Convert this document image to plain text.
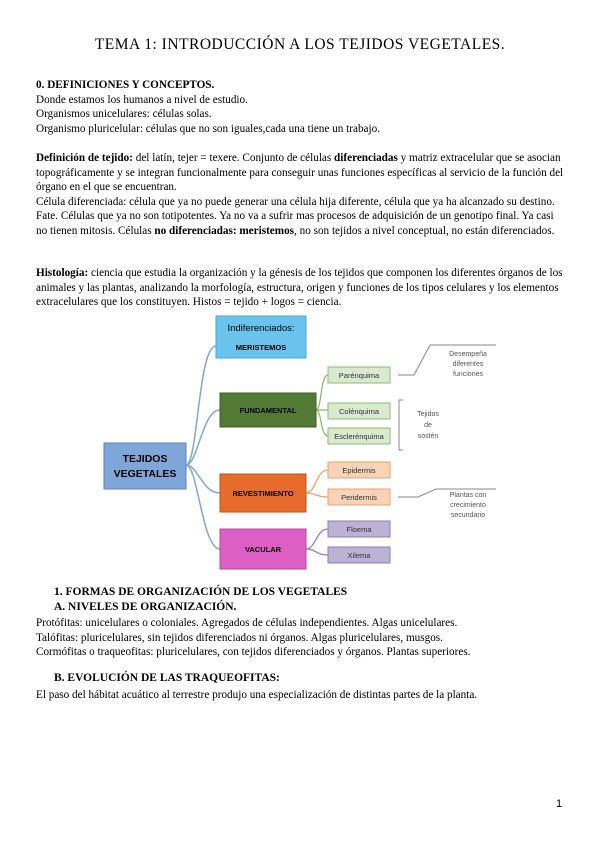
TEMA 1: INTRODUCCIÓN A LOS TEJIDOS VEGETALES.

0. DEFINICIONES Y CONCEPTOS.

Donde estamos los humanos a nivel de estudio.

Organismos unicelulares: células solas.

Organismo pluricelular: células que no son iguales,cada una tiene un trabajo.

Definición de tejido: del latín, tejer = texere. Conjunto de células diferenciadas y matriz extracelular que se asocian topográficamente y se integran funcionalmente para conseguir unas funciones específicas al servicio de la función del órgano en el que se encuentran.

Célula diferenciada: célula que ya no puede generar una célula hija diferente, célula que ya ha alcanzado su destino. Fate. Células que ya no son totipotentes. Ya no va a sufrir mas procesos de adquisición de un genotipo final. Ya casi no tienen mitosis. Células no diferenciadas: meristemos, no son tejidos a nivel conceptual, no están diferenciados.

Histología: ciencia que estudia la organización y la génesis de los tejidos que componen los diferentes órganos de los animales y las plantas, analizando la morfología, estructura, origen y funciones de los tipos celulares y los elementos extracelulares que los constituyen. Histos = tejido + logos = ciencia.

TEJIDOS
VEGETALES
Indiferenciados:
MERISTEMOS
FUNDAMENTAL
REVESTIMIENTO
VACULAR
Parénquima
Colénquima
Esclerénquima
Epidermis
Peridermis
Floema
Xilema
Desempeña
diferentes
funciones
Tejidos
de
sostén
Plantas con
crecimiento
secundario
1. FORMAS DE ORGANIZACIÓN DE LOS VEGETALES
A. NIVELES DE ORGANIZACIÓN.

Protófitas: unicelulares o coloniales. Agregados de células independientes. Algas unicelulares.

Talófitas: pluricelulares, sin tejidos diferenciados ni órganos. Algas pluricelulares, musgos.

Cormófitas o traqueofitas: pluricelulares, con tejidos diferenciados y órganos. Plantas superiores.

B. EVOLUCIÓN DE LAS TRAQUEOFITAS:

El paso del hábitat acuático al terrestre produjo una especialización de distintas partes de la planta.

1
